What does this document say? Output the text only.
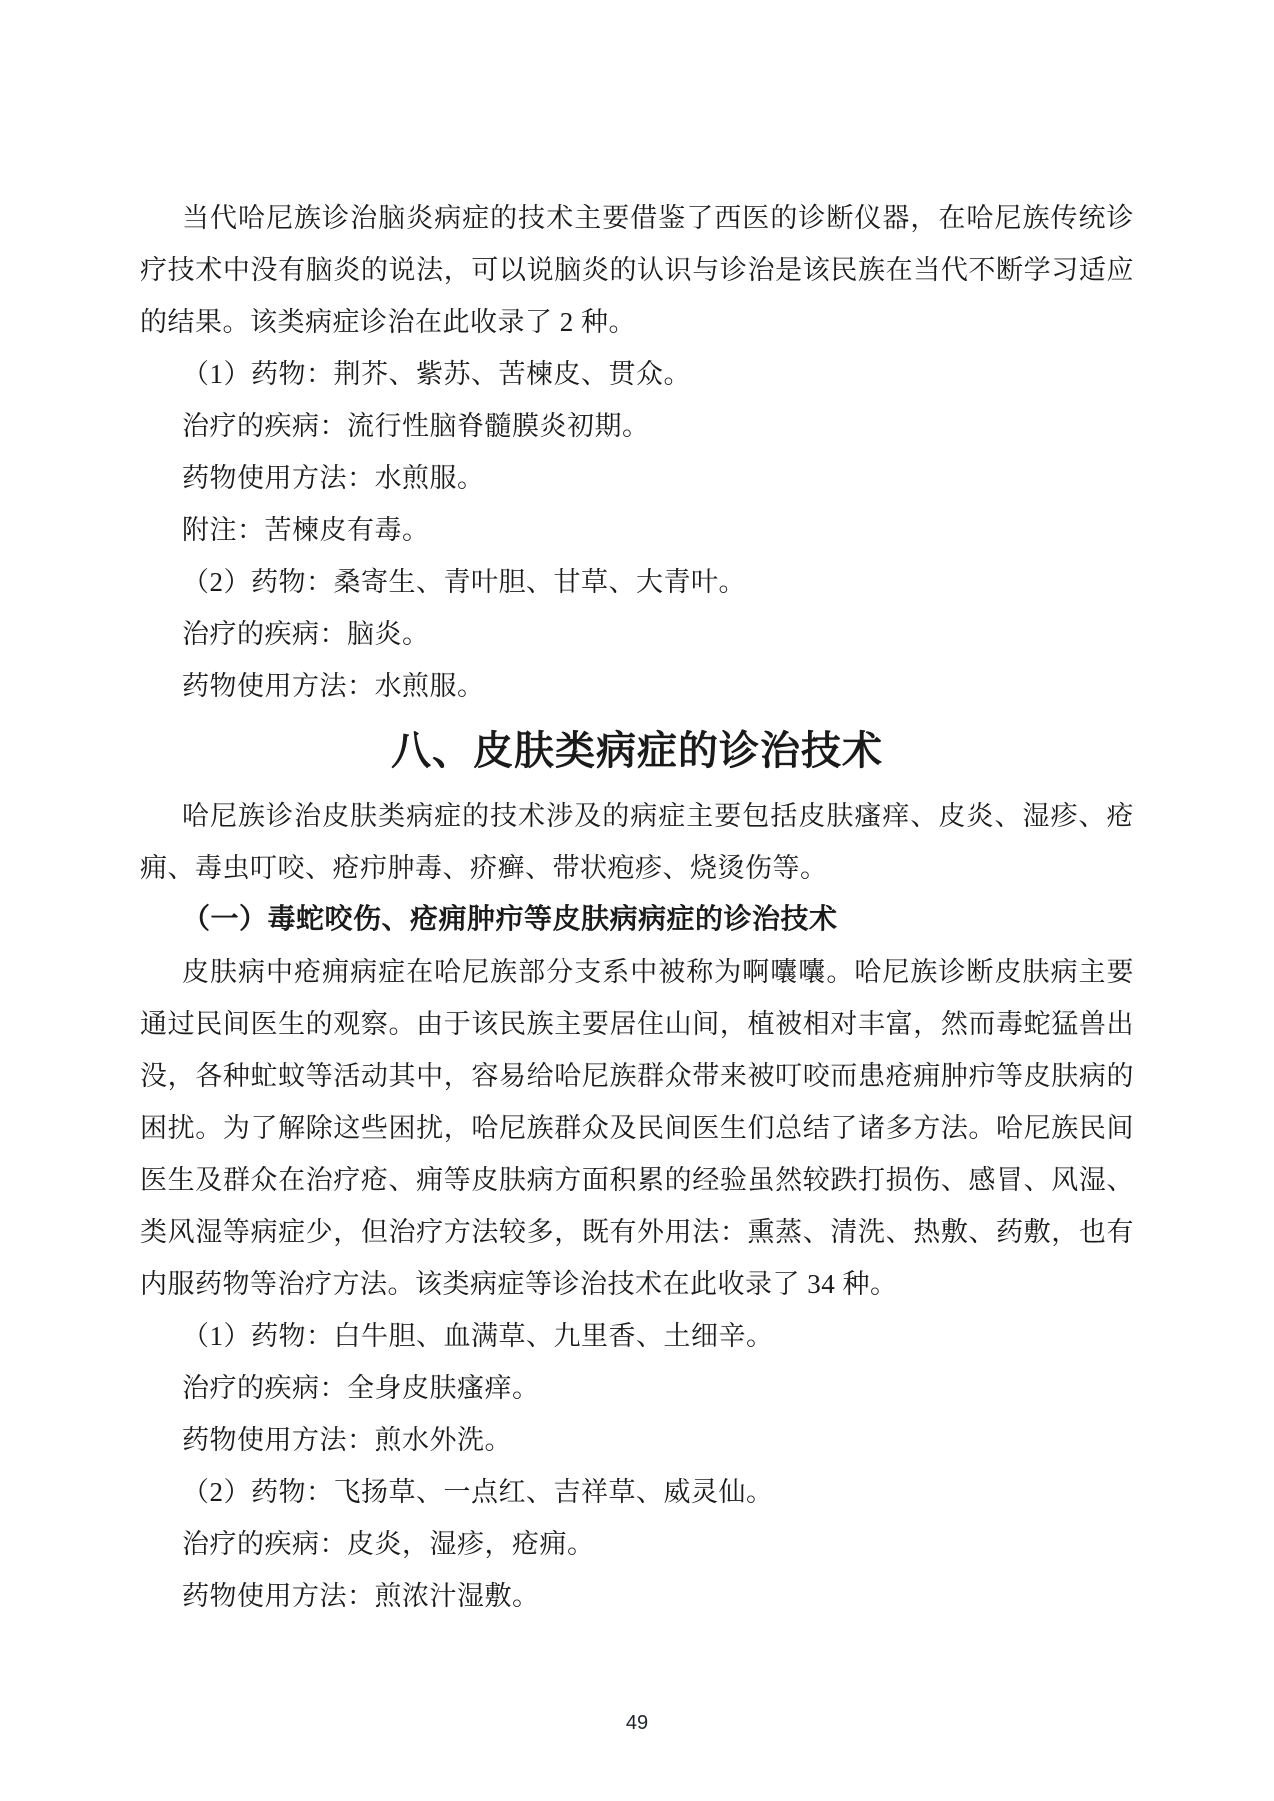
当代哈尼族诊治脑炎病症的技术主要借鉴了西医的诊断仪器，在哈尼族传统诊疗技术中没有脑炎的说法，可以说脑炎的认识与诊治是该民族在当代不断学习适应的结果。该类病症诊治在此收录了 2 种。

（1）药物：荆芥、紫苏、苦楝皮、贯众。

治疗的疾病：流行性脑脊髓膜炎初期。

药物使用方法：水煎服。

附注：苦楝皮有毒。

（2）药物：桑寄生、青叶胆、甘草、大青叶。

治疗的疾病：脑炎。

药物使用方法：水煎服。

八、皮肤类病症的诊治技术

哈尼族诊治皮肤类病症的技术涉及的病症主要包括皮肤瘙痒、皮炎、湿疹、疮痈、毒虫叮咬、疮疖肿毒、疥癣、带状疱疹、烧烫伤等。

（一）毒蛇咬伤、疮痈肿疖等皮肤病病症的诊治技术

皮肤病中疮痈病症在哈尼族部分支系中被称为啊囔囔。哈尼族诊断皮肤病主要通过民间医生的观察。由于该民族主要居住山间，植被相对丰富，然而毒蛇猛兽出没，各种虻蚊等活动其中，容易给哈尼族群众带来被叮咬而患疮痈肿疖等皮肤病的困扰。为了解除这些困扰，哈尼族群众及民间医生们总结了诸多方法。哈尼族民间医生及群众在治疗疮、痈等皮肤病方面积累的经验虽然较跌打损伤、感冒、风湿、类风湿等病症少，但治疗方法较多，既有外用法：熏蒸、清洗、热敷、药敷，也有内服药物等治疗方法。该类病症等诊治技术在此收录了 34 种。

（1）药物：白牛胆、血满草、九里香、土细辛。

治疗的疾病：全身皮肤瘙痒。

药物使用方法：煎水外洗。

（2）药物：飞扬草、一点红、吉祥草、威灵仙。

治疗的疾病：皮炎，湿疹，疮痈。

药物使用方法：煎浓汁湿敷。

49
